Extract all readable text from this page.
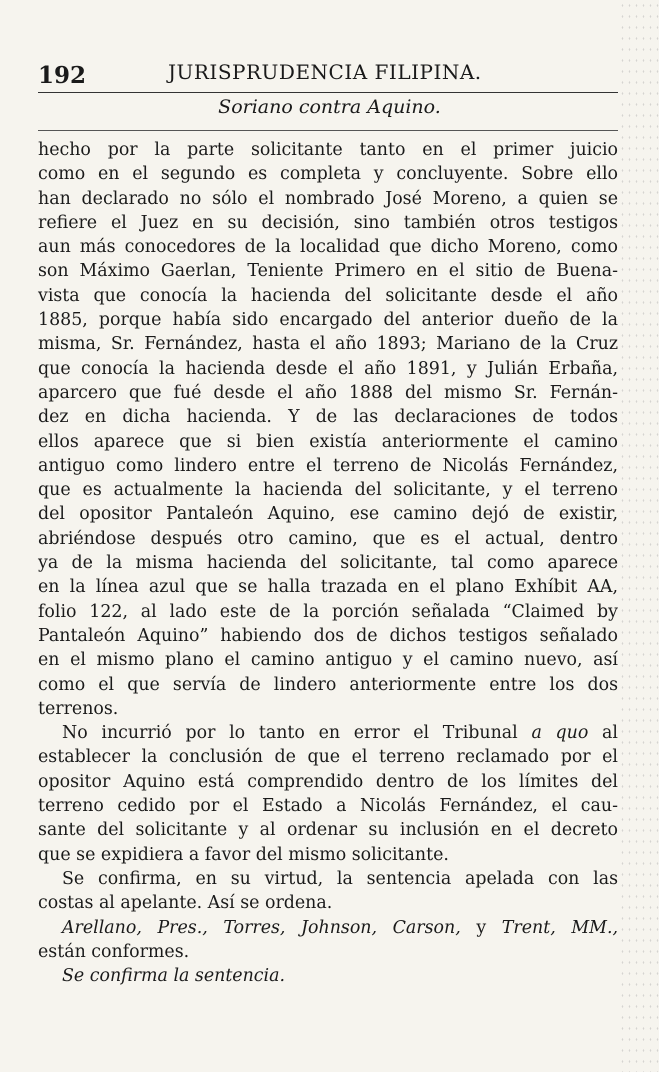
192	JURISPRUDENCIA FILIPINA.
Soriano contra Aquino.
hecho por la parte solicitante tanto en el primer juicio
como en el segundo es completa y concluyente. Sobre ello
han declarado no sólo el nombrado José Moreno, a quien se
refiere el Juez en su decisión, sino también otros testigos
aun más conocedores de la localidad que dicho Moreno, como
son Máximo Gaerlan, Teniente Primero en el sitio de Buena-
vista que conocía la hacienda del solicitante desde el año
1885, porque había sido encargado del anterior dueño de la
misma, Sr. Fernández, hasta el año 1893; Mariano de la Cruz
que conocía la hacienda desde el año 1891, y Julián Erbaña,
aparcero que fué desde el año 1888 del mismo Sr. Fernán-
dez en dicha hacienda. Y de las declaraciones de todos
ellos aparece que si bien existía anteriormente el camino
antiguo como lindero entre el terreno de Nicolás Fernández,
que es actualmente la hacienda del solicitante, y el terreno
del opositor Pantaleón Aquino, ese camino dejó de existir,
abriéndose después otro camino, que es el actual, dentro
ya de la misma hacienda del solicitante, tal como aparece
en la línea azul que se halla trazada en el plano Exhíbit AA,
folio 122, al lado este de la porción señalada “Claimed by
Pantaleón Aquino” habiendo dos de dichos testigos señalado
en el mismo plano el camino antiguo y el camino nuevo, así
como el que servía de lindero anteriormente entre los dos
terrenos.
No incurrió por lo tanto en error el Tribunal a quo al
establecer la conclusión de que el terreno reclamado por el
opositor Aquino está comprendido dentro de los límites del
terreno cedido por el Estado a Nicolás Fernández, el cau-
sante del solicitante y al ordenar su inclusión en el decreto
que se expidiera a favor del mismo solicitante.
Se confirma, en su virtud, la sentencia apelada con las
costas al apelante. Así se ordena.
Arellano, Pres., Torres, Johnson, Carson, y Trent, MM.,
están conformes.
Se confirma la sentencia.
